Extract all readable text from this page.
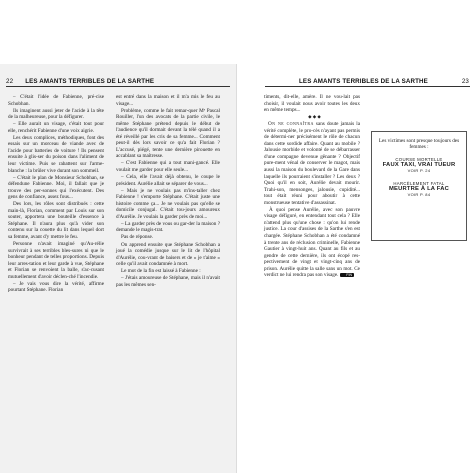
22 LES AMANTS TERRIBLES DE LA SARTHE

– C'était l'idée de Fabienne, pré-cise Schobhan.

Ils imaginent aussi jeter de l'acide à la tête de la malheureuse, pour la défigurer.

– Elle aurait un visage, c'était tout pour elle, renchérit Fabienne d'une voix aigrie.

Les deux complices, méthodiques, font des essais sur un morceau de viande avec de l'acide pour batteries de voiture ! Ils pensent ensuite à glis-ser du poison dans l'aliment de leur victime. Puis se rabattent sur l'arme-blanche : la brûler vive durant son sommeil.

– C'était le plan de Monsieur Schobhan, se défendune Fabienne. Moi, il fallait que je trouve des per-sonnes qui l'exécutent. Des gens de confiance, assez fous...

Des lors, les rôles sont distribués : cette main-là, Florian, comment par Louis sur son souter, apportera une bouteille d'essence à Stéphane. Il n'aura plus qu'à vider son contenu sur la couette du lit dans lequel dort sa femme, avant d'y mettre le feu.

Personne n'avait imaginé qu'Au-rélie survivrait à ses terribles bles-sures ni que le bonheur pendant de telles proportions. Depuis leur arres-tation et leur garde à vue, Stéphane et Florian se renvoient la balle, s'ac-cusant mutuellement d'avoir déclen-ché l'incendie.

– Je vais vous dire la vérité, affirme pourtant Stéphane. Florian

est entré dans la maison et il m'a mis le feu au visage...

Problème, comme le fait remar-quer Mᵉ Pascal Rouiller, l'un des avocats de la partie civile, le même Stéphane prétend depuis le début de l'audience qu'il dormait devant la télé quand il a été réveillé par les cris de sa femme... Comment peut-il dès lors savoir ce qu'a fait Florian ? L'accusé, piégé, tente une dernière pirouette en accablant sa maîtresse.

– C'est Fabienne qui a tout mani-gancé. Elle voulait me garder pour elle seule...

– Cela, elle l'avait déjà obtenu, le coupe le président. Aurélie allait se séparer de vous...

– Mais je ne voulais pas m'ins-taller chez Fabienne ! s'emporte Stéphane. C'était juste une histoire comme ça... Je ne voulais pas qu'elle se domicile conjugal. C'était tou-jours amoureux d'Aurélie. Je voulais la garder près de moi...

– La garder près de vous ou gar-der la maison ? demande le magis-trat.

Pas de réponse.

On apprend ensuite que Stéphane Schobhan a joué la comédie jusque sur le lit de l'hôpital d'Aurélie, cou-vrant de baisers et de « je t'aime » celle qu'il avait condamnée à mort.

Le mot de la fin est laissé à Fabienne :

– J'étais amoureuse de Stéphane, mais il n'avait pas les mêmes sen-

LES AMANTS TERRIBLES DE LA SARTHE	23

timents, dit-elle, amère. Il ne vou-lait pas choisir, il voulait nous avoir toutes les deux en même temps...

◆ ◆ ◆

On ne connaîtra sans doute jamais la vérité complète, le pro-cès n'ayant pas permis de détermi-ner précisément le rôle de chacun dans cette sordide affaire. Quant au mobile ? Jalousie morbide et volonté de se débarrasser d'une compagne devenue gênante ? Objectif pure-ment vénal de conserver le magot, mais aussi la maison du boulevard de la Gare dans laquelle ils pourraient s'installer ? Les deux ? Quoi qu'il en soit, Aurélie devait mourir. Trahi-son, mensonges, jalousie, cupidité... tout était réuni pour aboutir à cette monstrueuse tentative d'assassinat.

À quoi pense Aurélie, avec son pauvre visage défiguré, en entendant tout cela ? Elle n'attend plus qu'une chose : qu'on lui rende justice. La cour d'assises de la Sarthe s'en est chargée. Stéphane Schobhan a été condamné à trente ans de réclusion criminelle, Fabienne Gautier à vingt-huit ans. Quant au fils et au gendre de cette dernière, ils ont écopé res-pectivement de vingt et vingt-cinq ans de prison. Aurélie quitte la salle sans un mot. Ce verdict ne lui rendra pas son visage. FIN

Les victimes sont presque toujours des femmes :
COURSE MORTELLE
FAUX TAXI, VRAI TUEUR
VOIR P. 24
HARCÈLEMENT FATAL
MEURTRE À LA FAC
VOIR P. 84
